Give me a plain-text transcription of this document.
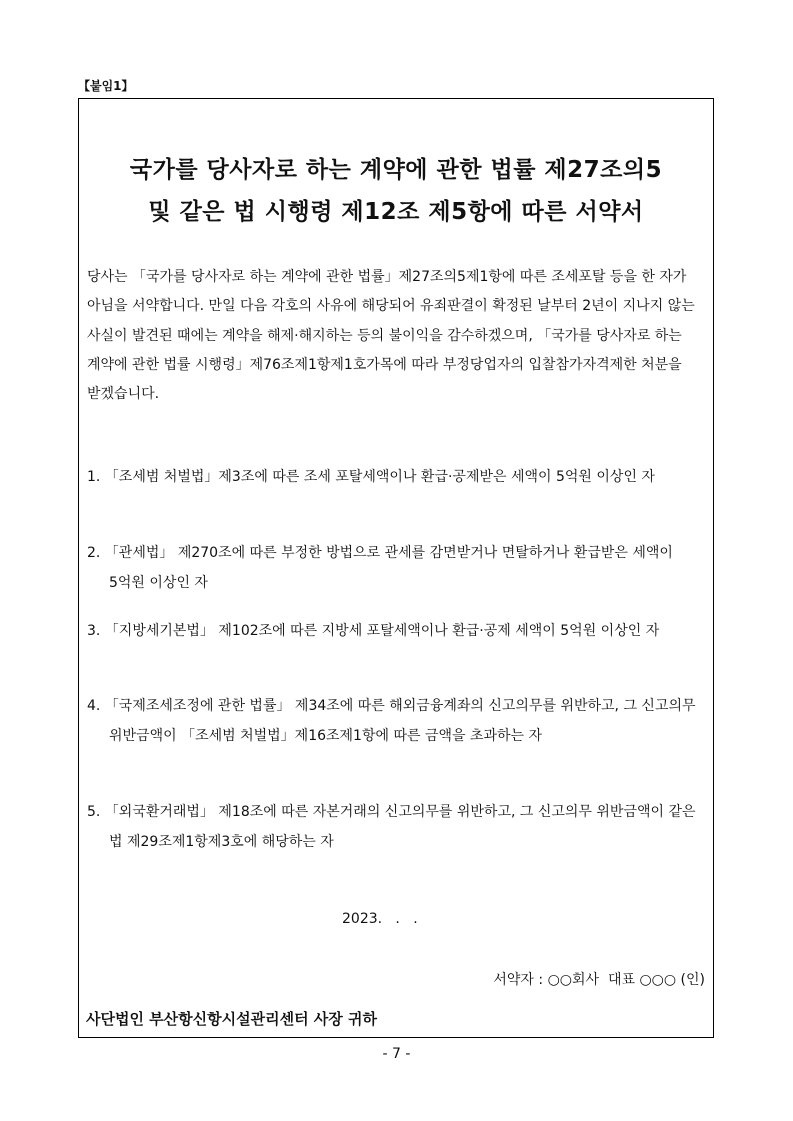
【붙임1】
국가를 당사자로 하는 계약에 관한 법률 제27조의5
및 같은 법 시행령 제12조 제5항에 따른 서약서
당사는 「국가를 당사자로 하는 계약에 관한 법률」제27조의5제1항에 따른 조세포탈 등을 한 자가 아님을 서약합니다. 만일 다음 각호의 사유에 해당되어 유죄판결이 확정된 날부터 2년이 지나지 않는 사실이 발견된 때에는 계약을 해제·해지하는 등의 불이익을 감수하겠으며, 「국가를 당사자로 하는 계약에 관한 법률 시행령」제76조제1항제1호가목에 따라 부정당업자의 입찰참가자격제한 처분을 받겠습니다.
1. 「조세범 처벌법」제3조에 따른 조세 포탈세액이나 환급·공제받은 세액이 5억원 이상인 자
2. 「관세법」 제270조에 따른 부정한 방법으로 관세를 감면받거나 면탈하거나 환급받은 세액이 5억원 이상인 자
3. 「지방세기본법」 제102조에 따른 지방세 포탈세액이나 환급·공제 세액이 5억원 이상인 자
4. 「국제조세조정에 관한 법률」 제34조에 따른 해외금융계좌의 신고의무를 위반하고, 그 신고의무 위반금액이 「조세범 처벌법」제16조제1항에 따른 금액을 초과하는 자
5. 「외국환거래법」 제18조에 따른 자본거래의 신고의무를 위반하고, 그 신고의무 위반금액이 같은 법 제29조제1항제3호에 해당하는 자
2023.   .   .
서약자 : ○○회사  대표 ○○○ (인)
사단법인 부산항신항시설관리센터 사장 귀하
- 7 -
